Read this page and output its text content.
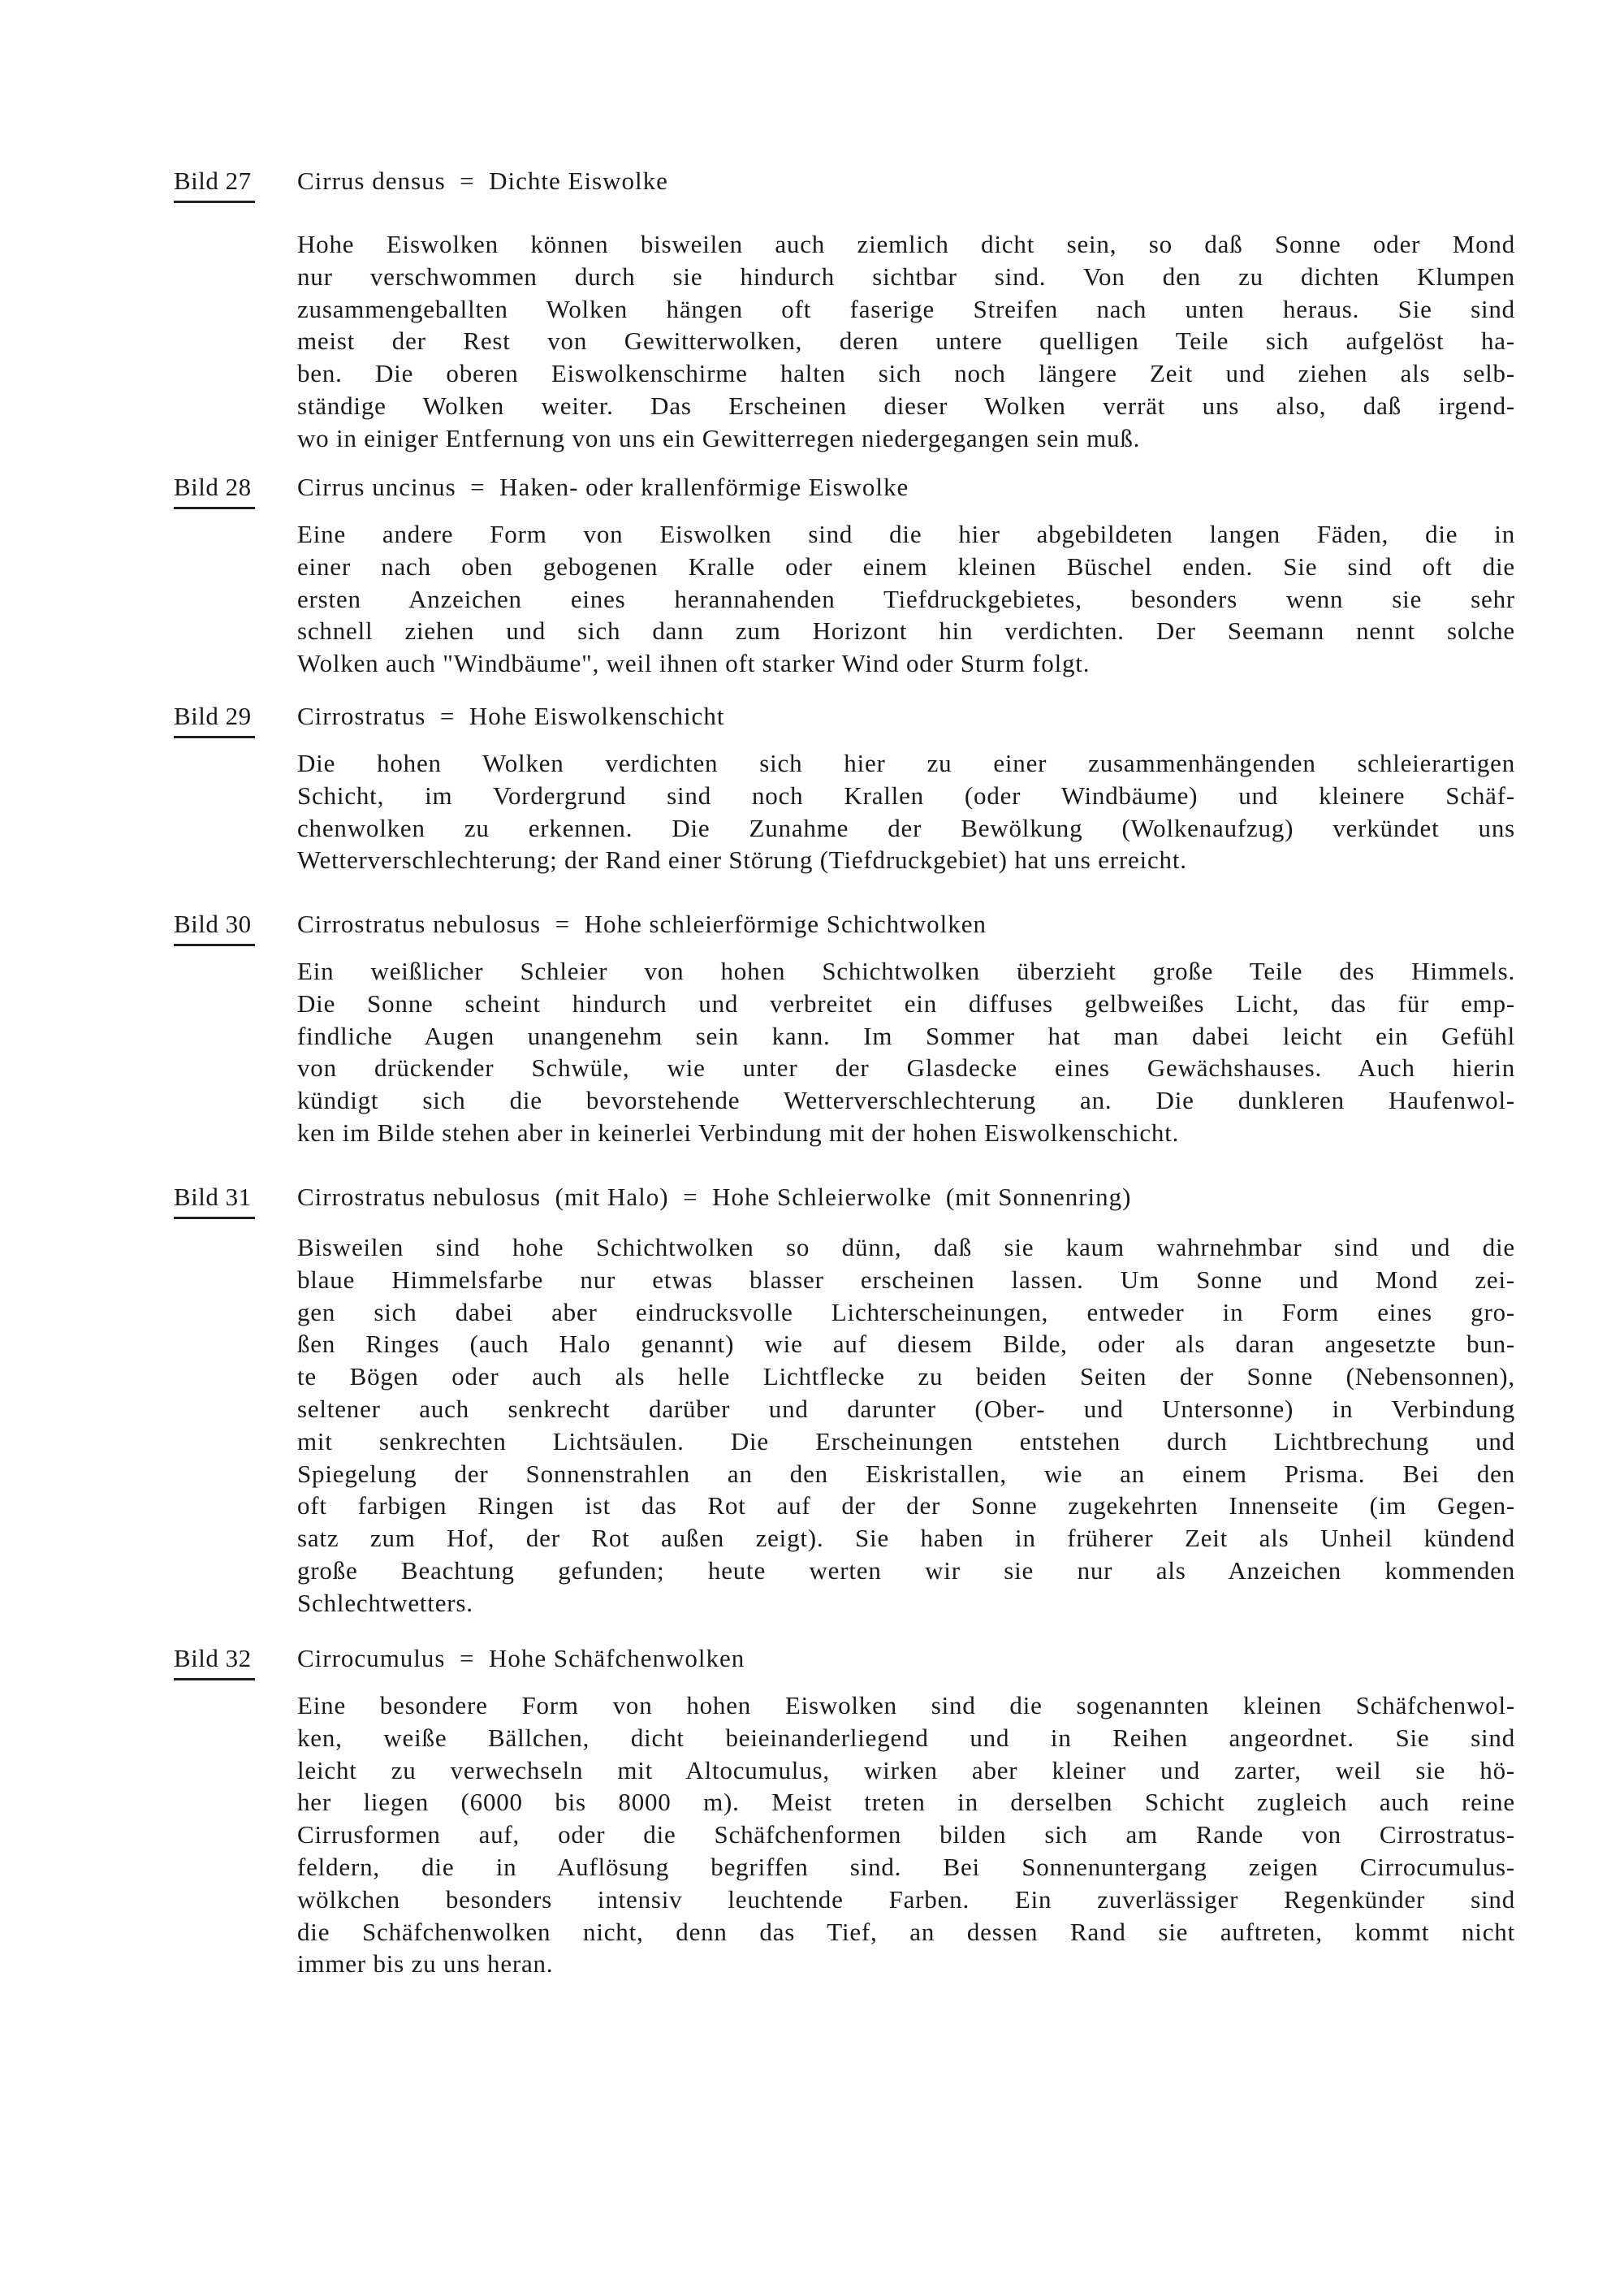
Bild 27 Cirrus densus  =  Dichte Eiswolke
Hohe Eiswolken können bisweilen auch ziemlich dicht sein, so daß Sonne oder Mond
nur verschwommen durch sie hindurch sichtbar sind. Von den zu dichten Klumpen
zusammengeballten Wolken hängen oft faserige Streifen nach unten heraus. Sie sind
meist der Rest von Gewitterwolken, deren untere quelligen Teile sich aufgelöst ha-
ben. Die oberen Eiswolkenschirme halten sich noch längere Zeit und ziehen als selb-
ständige Wolken weiter. Das Erscheinen dieser Wolken verrät uns also, daß irgend-
wo in einiger Entfernung von uns ein Gewitterregen niedergegangen sein muß.
Bild 28 Cirrus uncinus  =  Haken- oder krallenförmige Eiswolke
Eine andere Form von Eiswolken sind die hier abgebildeten langen Fäden, die in
einer nach oben gebogenen Kralle oder einem kleinen Büschel enden. Sie sind oft die
ersten Anzeichen eines herannahenden Tiefdruckgebietes, besonders wenn sie sehr
schnell ziehen und sich dann zum Horizont hin verdichten. Der Seemann nennt solche
Wolken auch "Windbäume", weil ihnen oft starker Wind oder Sturm folgt.
Bild 29 Cirrostratus  =  Hohe Eiswolkenschicht
Die hohen Wolken verdichten sich hier zu einer zusammenhängenden schleierartigen
Schicht, im Vordergrund sind noch Krallen (oder Windbäume) und kleinere Schäf-
chenwolken zu erkennen. Die Zunahme der Bewölkung (Wolkenaufzug) verkündet uns
Wetterverschlechterung; der Rand einer Störung (Tiefdruckgebiet) hat uns erreicht.
Bild 30 Cirrostratus nebulosus  =  Hohe schleierförmige Schichtwolken
Ein weißlicher Schleier von hohen Schichtwolken überzieht große Teile des Himmels.
Die Sonne scheint hindurch und verbreitet ein diffuses gelbweißes Licht, das für emp-
findliche Augen unangenehm sein kann. Im Sommer hat man dabei leicht ein Gefühl
von drückender Schwüle, wie unter der Glasdecke eines Gewächshauses. Auch hierin
kündigt sich die bevorstehende Wetterverschlechterung an. Die dunkleren Haufenwol-
ken im Bilde stehen aber in keinerlei Verbindung mit der hohen Eiswolkenschicht.
Bild 31 Cirrostratus nebulosus  (mit Halo)  =  Hohe Schleierwolke  (mit Sonnenring)
Bisweilen sind hohe Schichtwolken so dünn, daß sie kaum wahrnehmbar sind und die
blaue Himmelsfarbe nur etwas blasser erscheinen lassen. Um Sonne und Mond zei-
gen sich dabei aber eindrucksvolle Lichterscheinungen, entweder in Form eines gro-
ßen Ringes (auch Halo genannt) wie auf diesem Bilde, oder als daran angesetzte bun-
te Bögen oder auch als helle Lichtflecke zu beiden Seiten der Sonne (Nebensonnen),
seltener auch senkrecht darüber und darunter (Ober- und Untersonne) in Verbindung
mit senkrechten Lichtsäulen. Die Erscheinungen entstehen durch Lichtbrechung und
Spiegelung der Sonnenstrahlen an den Eiskristallen, wie an einem Prisma. Bei den
oft farbigen Ringen ist das Rot auf der der Sonne zugekehrten Innenseite (im Gegen-
satz zum Hof, der Rot außen zeigt). Sie haben in früherer Zeit als Unheil kündend
große Beachtung gefunden; heute werten wir sie nur als Anzeichen kommenden
Schlechtwetters.
Bild 32 Cirrocumulus  =  Hohe Schäfchenwolken
Eine besondere Form von hohen Eiswolken sind die sogenannten kleinen Schäfchenwol-
ken, weiße Bällchen, dicht beieinanderliegend und in Reihen angeordnet. Sie sind
leicht zu verwechseln mit Altocumulus, wirken aber kleiner und zarter, weil sie hö-
her liegen (6000 bis 8000 m). Meist treten in derselben Schicht zugleich auch reine
Cirrusformen auf, oder die Schäfchenformen bilden sich am Rande von Cirrostratus-
feldern, die in Auflösung begriffen sind. Bei Sonnenuntergang zeigen Cirrocumulus-
wölkchen besonders intensiv leuchtende Farben. Ein zuverlässiger Regenkünder sind
die Schäfchenwolken nicht, denn das Tief, an dessen Rand sie auftreten, kommt nicht
immer bis zu uns heran.
